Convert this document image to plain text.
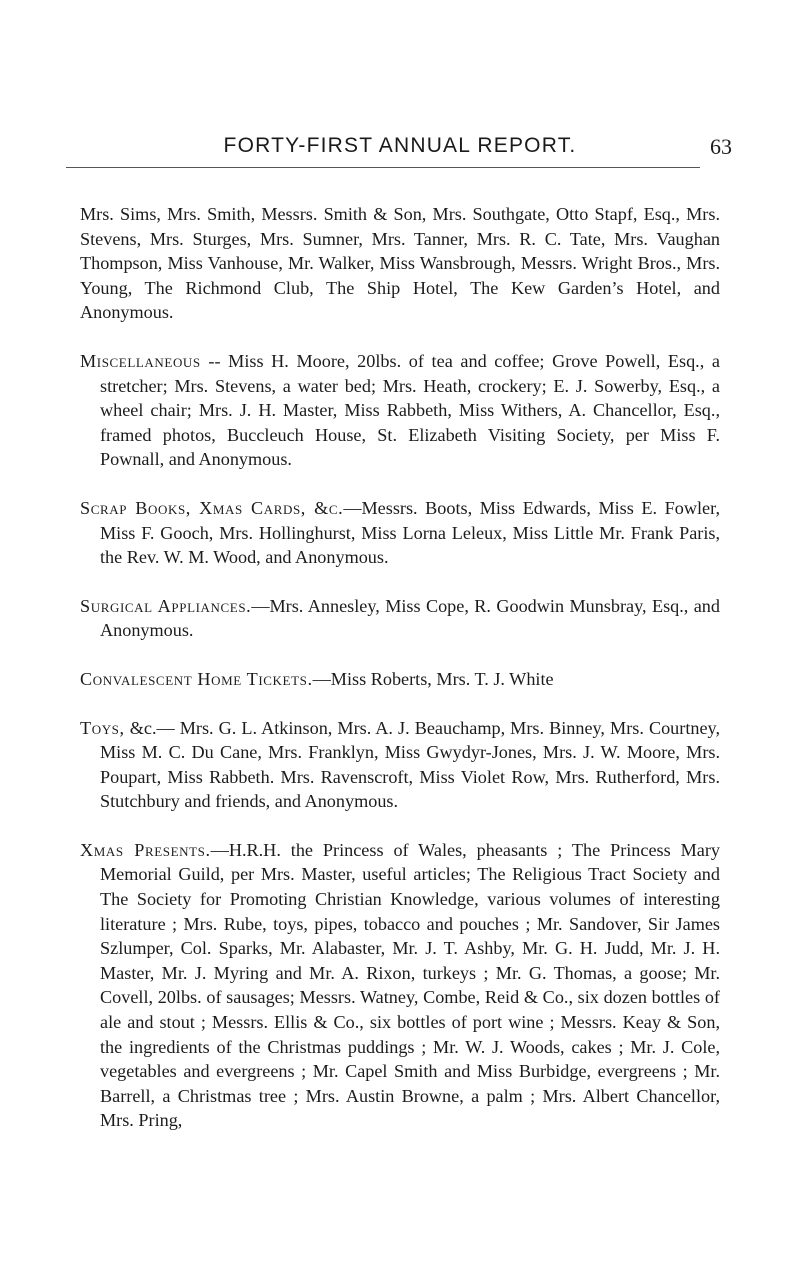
FORTY-FIRST ANNUAL REPORT.	63

Mrs. Sims, Mrs. Smith, Messrs. Smith & Son, Mrs. Southgate, Otto Stapf, Esq., Mrs. Stevens, Mrs. Sturges, Mrs. Sumner, Mrs. Tanner, Mrs. R. C. Tate, Mrs. Vaughan Thompson, Miss Vanhouse, Mr. Walker, Miss Wansbrough, Messrs. Wright Bros., Mrs. Young, The Richmond Club, The Ship Hotel, The Kew Garden’s Hotel, and Anonymous.

Miscellaneous -- Miss H. Moore, 20lbs. of tea and coffee; Grove Powell, Esq., a stretcher; Mrs. Stevens, a water bed; Mrs. Heath, crockery; E. J. Sowerby, Esq., a wheel chair; Mrs. J. H. Master, Miss Rabbeth, Miss Withers, A. Chancellor, Esq., framed photos, Buccleuch House, St. Elizabeth Visiting Society, per Miss F. Pownall, and Anonymous.

Scrap Books, Xmas Cards, &c.—Messrs. Boots, Miss Edwards, Miss E. Fowler, Miss F. Gooch, Mrs. Hollinghurst, Miss Lorna Leleux, Miss Little Mr. Frank Paris, the Rev. W. M. Wood, and Anonymous.

Surgical Appliances.—Mrs. Annesley, Miss Cope, R. Goodwin Munsbray, Esq., and Anonymous.

Convalescent Home Tickets.—Miss Roberts, Mrs. T. J. White

Toys, &c.— Mrs. G. L. Atkinson, Mrs. A. J. Beauchamp, Mrs. Binney, Mrs. Courtney, Miss M. C. Du Cane, Mrs. Franklyn, Miss Gwydyr-Jones, Mrs. J. W. Moore, Mrs. Poupart, Miss Rabbeth. Mrs. Ravenscroft, Miss Violet Row, Mrs. Rutherford, Mrs. Stutchbury and friends, and Anonymous.

Xmas Presents.—H.R.H. the Princess of Wales, pheasants ; The Princess Mary Memorial Guild, per Mrs. Master, useful articles; The Religious Tract Society and The Society for Promoting Christian Knowledge, various volumes of interesting literature ; Mrs. Rube, toys, pipes, tobacco and pouches ; Mr. Sandover, Sir James Szlumper, Col. Sparks, Mr. Alabaster, Mr. J. T. Ashby, Mr. G. H. Judd, Mr. J. H. Master, Mr. J. Myring and Mr. A. Rixon, turkeys ; Mr. G. Thomas, a goose; Mr. Covell, 20lbs. of sausages; Messrs. Watney, Combe, Reid & Co., six dozen bottles of ale and stout ; Messrs. Ellis & Co., six bottles of port wine ; Messrs. Keay & Son, the ingredients of the Christmas puddings ; Mr. W. J. Woods, cakes ; Mr. J. Cole, vegetables and evergreens ; Mr. Capel Smith and Miss Burbidge, evergreens ; Mr. Barrell, a Christmas tree ; Mrs. Austin Browne, a palm ; Mrs. Albert Chancellor, Mrs. Pring,
